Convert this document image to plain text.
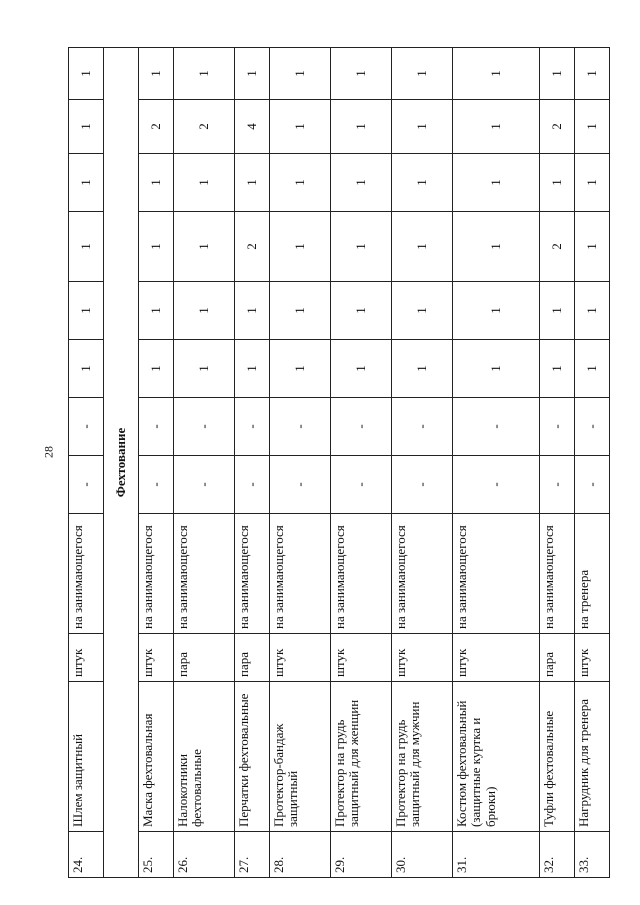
28
24.	Шлем защитный	штук	на занимающегося	-	-	1	1	1	1	1	1
Фехтование											
25.	Маска фехтовальная	штук	на занимающегося	-	-	1	1	1	1	2	1
26.	Налокотники фехтовальные	пара	на занимающегося	-	-	1	1	1	1	2	1
27.	Перчатки фехтовальные	пара	на занимающегося	-	-	1	1	2	1	4	1
28.	Протектор-бандаж защитный	штук	на занимающегося	-	-	1	1	1	1	1	1
29.	Протектор на грудь защитный для женщин	штук	на занимающегося	-	-	1	1	1	1	1	1
30.	Протектор на грудь защитный для мужчин	штук	на занимающегося	-	-	1	1	1	1	1	1
31.	Костюм фехтовальный (защитные куртка и брюки)	штук	на занимающегося	-	-	1	1	1	1	1	1
32.	Туфли фехтовальные	пара	на занимающегося	-	-	1	1	2	1	2	1
33.	Нагрудник для тренера	штук	на тренера	-	-	1	1	1	1	1	1
